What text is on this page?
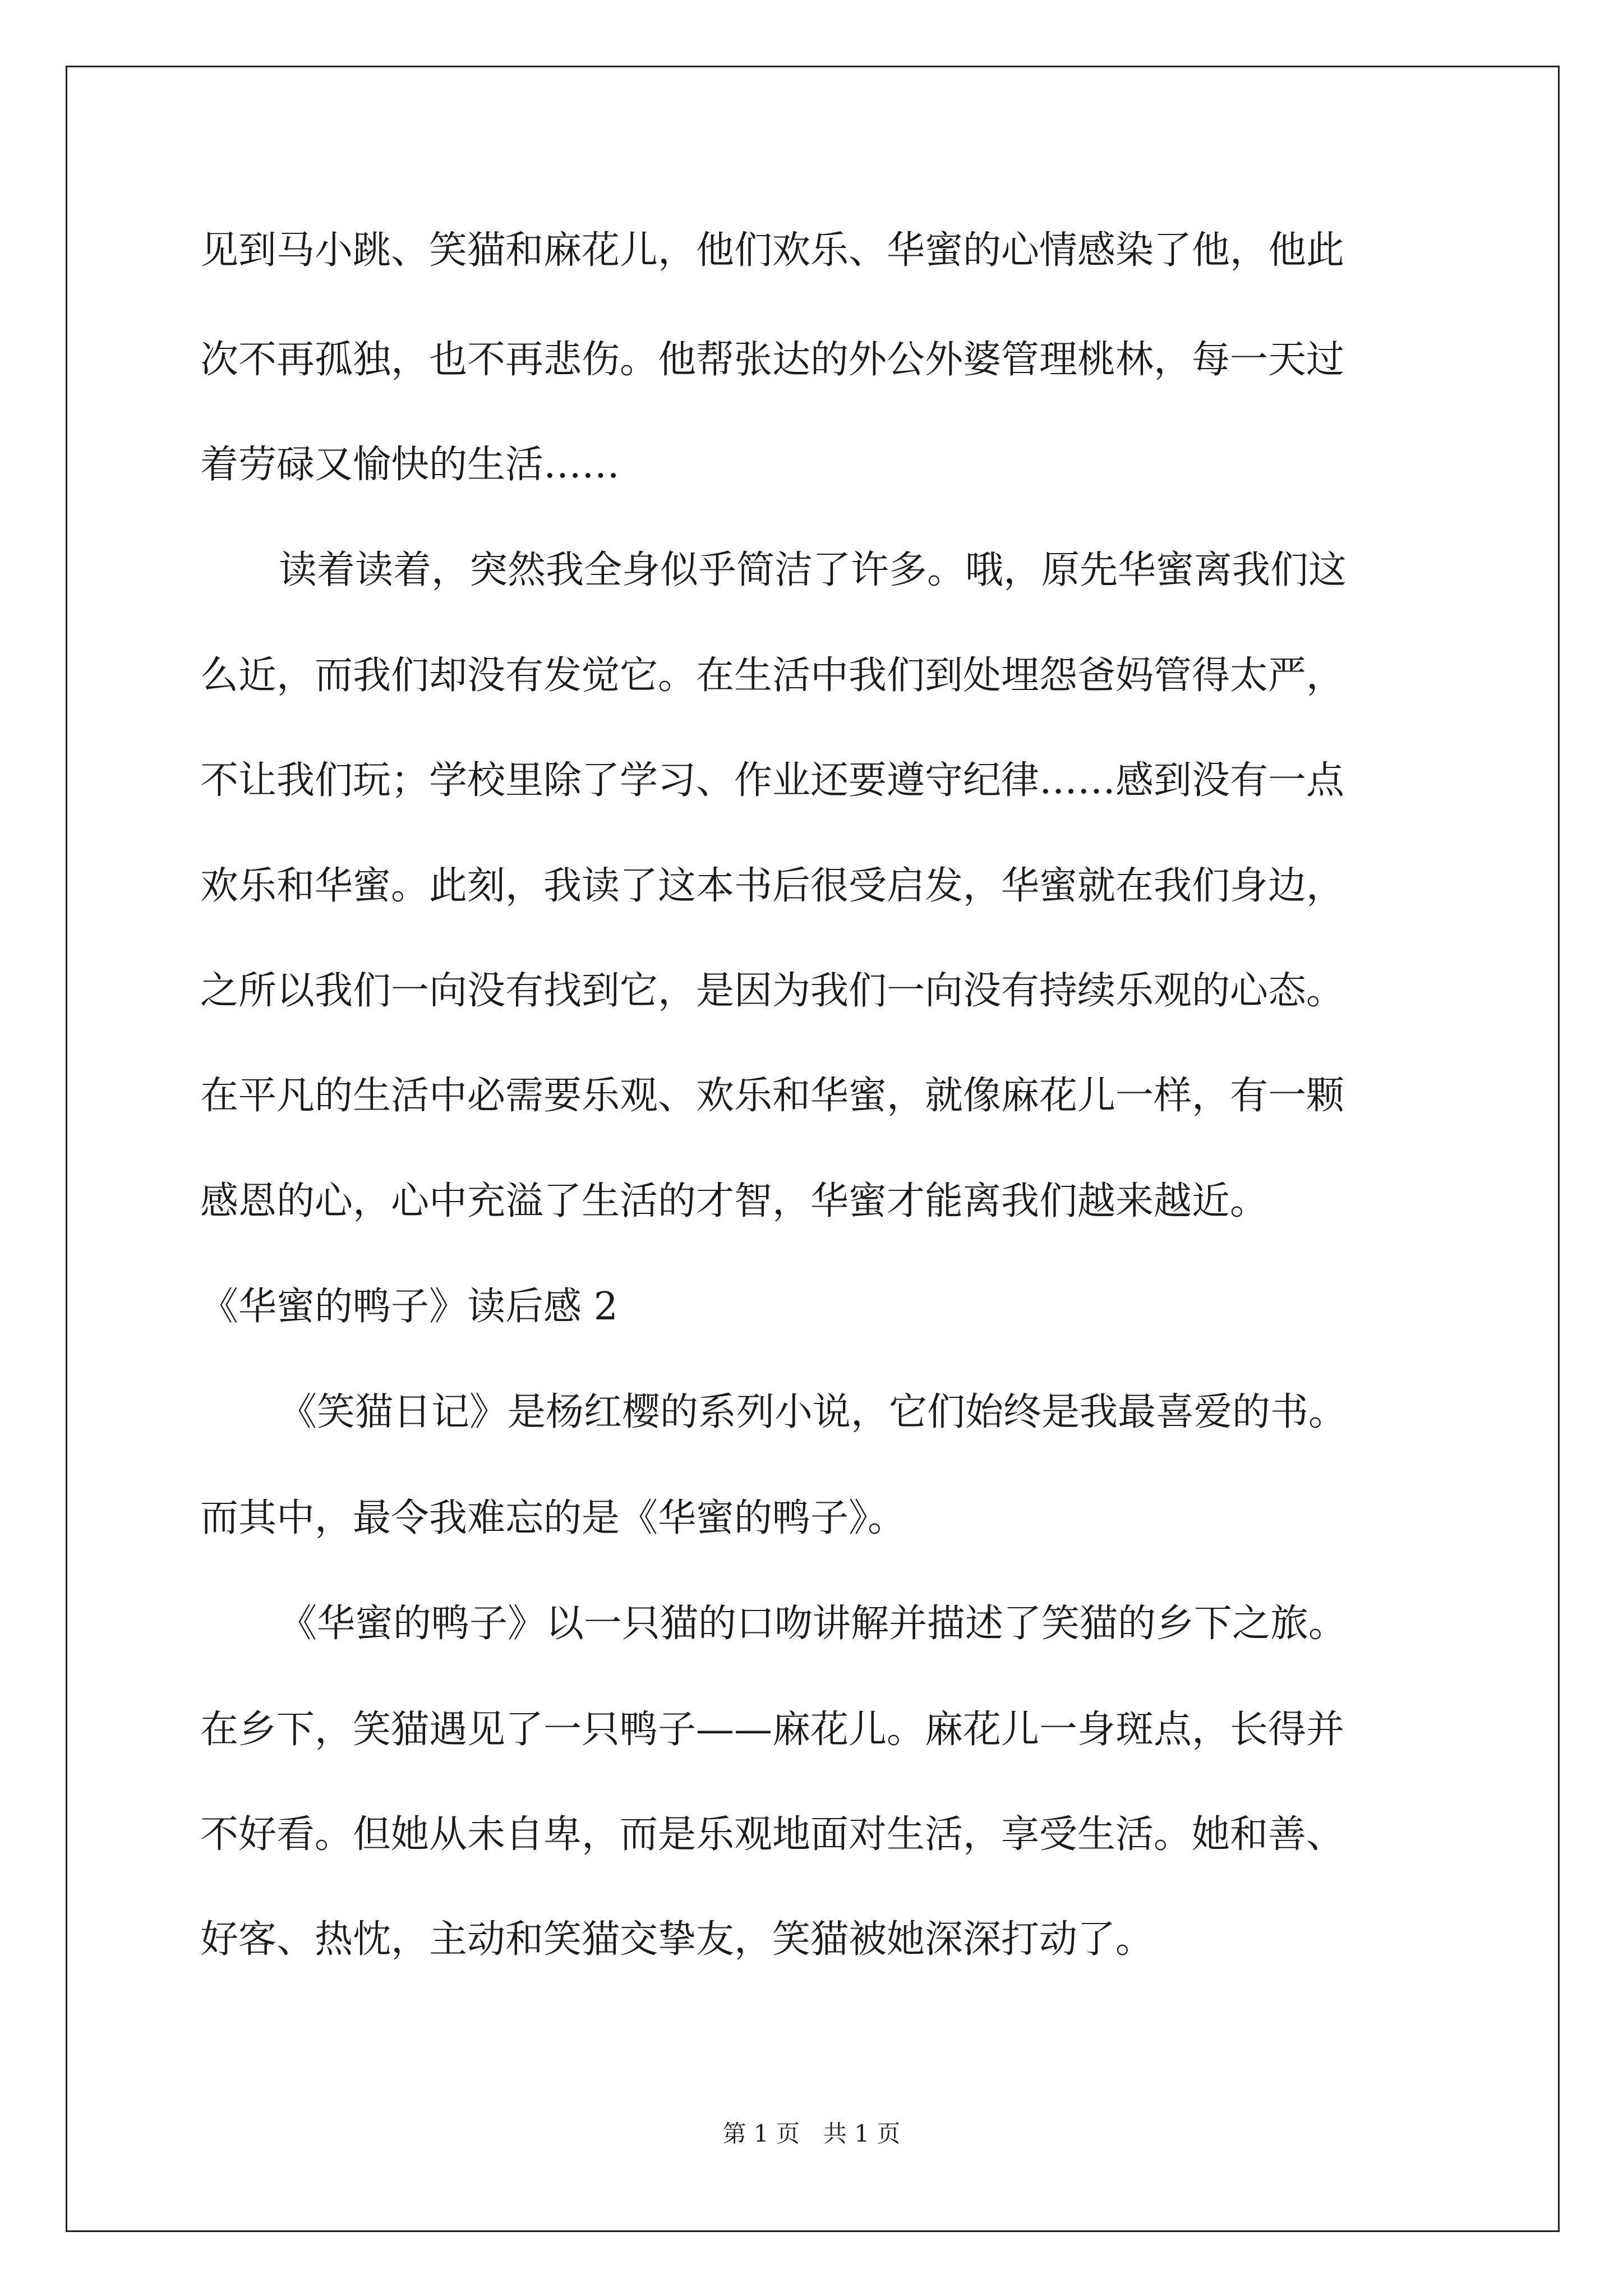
见到马小跳、笑猫和麻花儿，他们欢乐、华蜜的心情感染了他，他此
次不再孤独，也不再悲伤。他帮张达的外公外婆管理桃林，每一天过
着劳碌又愉快的生活……
读着读着，突然我全身似乎简洁了许多。哦，原先华蜜离我们这
么近，而我们却没有发觉它。在生活中我们到处埋怨爸妈管得太严，
不让我们玩；学校里除了学习、作业还要遵守纪律……感到没有一点
欢乐和华蜜。此刻，我读了这本书后很受启发，华蜜就在我们身边，
之所以我们一向没有找到它，是因为我们一向没有持续乐观的心态。
在平凡的生活中必需要乐观、欢乐和华蜜，就像麻花儿一样，有一颗
感恩的心，心中充溢了生活的才智，华蜜才能离我们越来越近。
《华蜜的鸭子》读后感 2
《笑猫日记》是杨红樱的系列小说，它们始终是我最喜爱的书。
而其中，最令我难忘的是《华蜜的鸭子》。
《华蜜的鸭子》以一只猫的口吻讲解并描述了笑猫的乡下之旅。
在乡下，笑猫遇见了一只鸭子——麻花儿。麻花儿一身斑点，长得并
不好看。但她从未自卑，而是乐观地面对生活，享受生活。她和善、
好客、热忱，主动和笑猫交挚友，笑猫被她深深打动了。
第 1 页　共 1 页
